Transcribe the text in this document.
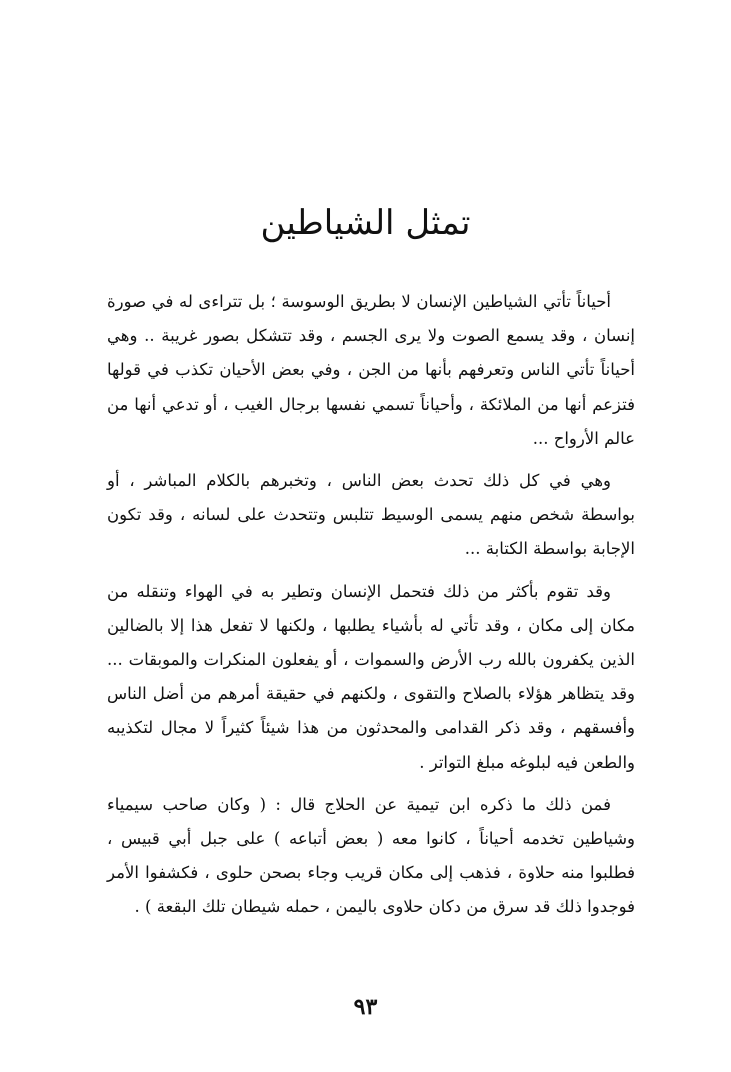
تمثل الشياطين

أحياناً تأتي الشياطين الإنسان لا بطريق الوسوسة ؛ بل تتراءى له في صورة إنسان ، وقد يسمع الصوت ولا يرى الجسم ، وقد تتشكل بصور غريبة .. وهي أحياناً تأتي الناس وتعرفهم بأنها من الجن ، وفي بعض الأحيان تكذب في قولها فتزعم أنها من الملائكة ، وأحياناً تسمي نفسها برجال الغيب ، أو تدعي أنها من عالم الأرواح ...

وهي في كل ذلك تحدث بعض الناس ، وتخبرهم بالكلام المباشر ، أو بواسطة شخص منهم يسمى الوسيط تتلبس وتتحدث على لسانه ، وقد تكون الإجابة بواسطة الكتابة ...

وقد تقوم بأكثر من ذلك فتحمل الإنسان وتطير به في الهواء وتنقله من مكان إلى مكان ، وقد تأتي له بأشياء يطلبها ، ولكنها لا تفعل هذا إلا بالضالين الذين يكفرون بالله رب الأرض والسموات ، أو يفعلون المنكرات والموبقات ... وقد يتظاهر هؤلاء بالصلاح والتقوى ، ولكنهم في حقيقة أمرهم من أضل الناس وأفسقهم ، وقد ذكر القدامى والمحدثون من هذا شيئاً كثيراً لا مجال لتكذيبه والطعن فيه لبلوغه مبلغ التواتر .

فمن ذلك ما ذكره ابن تيمية عن الحلاج قال : ( وكان صاحب سيمياء وشياطين تخدمه أحياناً ، كانوا معه ( بعض أتباعه ) على جبل أبي قبيس ، فطلبوا منه حلاوة ، فذهب إلى مكان قريب وجاء بصحن حلوى ، فكشفوا الأمر فوجدوا ذلك قد سرق من دكان حلاوى باليمن ، حمله شيطان تلك البقعة ) .

٩٣
